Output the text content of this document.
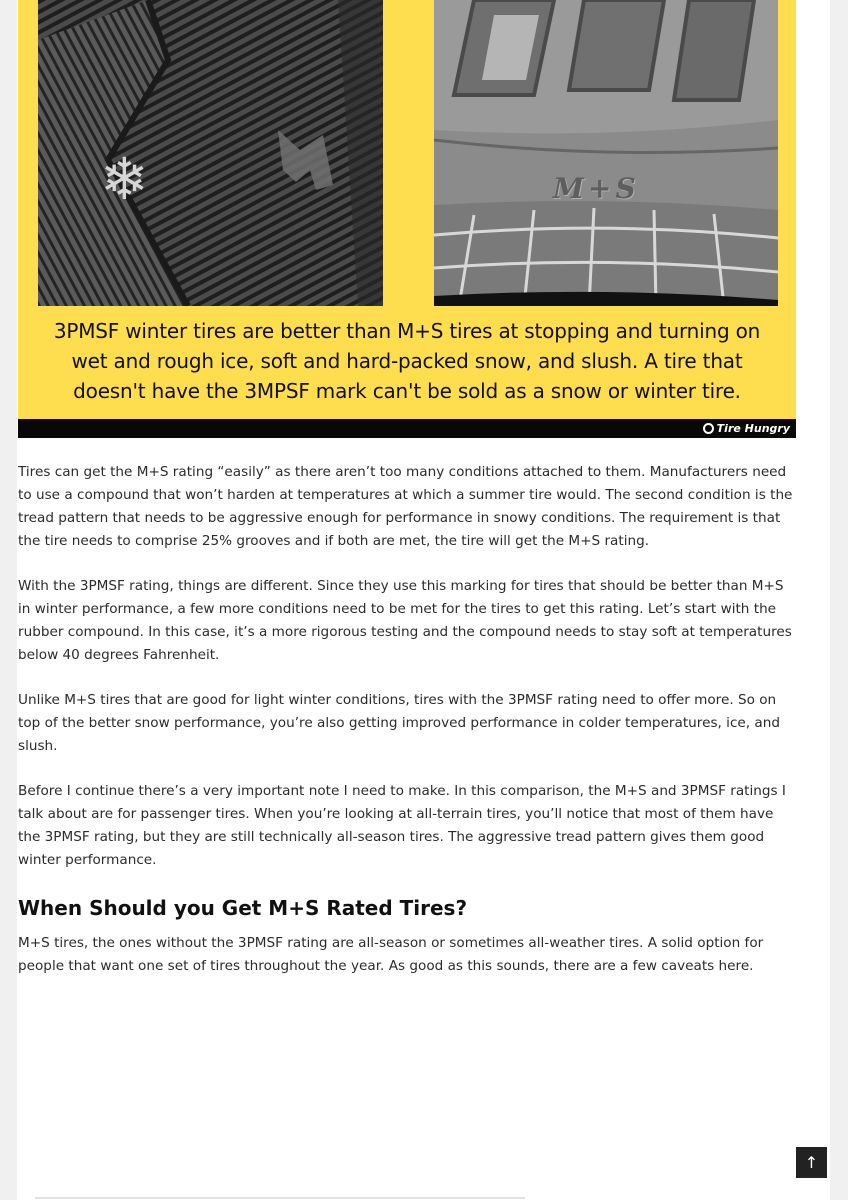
❄	M+S
3PMSF winter tires are better than M+S tires at stopping and turning on
wet and rough ice, soft and hard-packed snow, and slush. A tire that
doesn't have the 3MPSF mark can't be sold as a snow or winter tire.
Tire Hungry

Tires can get the M+S rating “easily” as there aren’t too many conditions attached to them. Manufacturers need to use a compound that won’t harden at temperatures at which a summer tire would. The second condition is the tread pattern that needs to be aggressive enough for performance in snowy conditions. The requirement is that the tire needs to comprise 25% grooves and if both are met, the tire will get the M+S rating.

With the 3PMSF rating, things are different. Since they use this marking for tires that should be better than M+S in winter performance, a few more conditions need to be met for the tires to get this rating. Let’s start with the rubber compound. In this case, it’s a more rigorous testing and the compound needs to stay soft at temperatures below 40 degrees Fahrenheit.

Unlike M+S tires that are good for light winter conditions, tires with the 3PMSF rating need to offer more. So on top of the better snow performance, you’re also getting improved performance in colder temperatures, ice, and slush.

Before I continue there’s a very important note I need to make. In this comparison, the M+S and 3PMSF ratings I talk about are for passenger tires. When you’re looking at all-terrain tires, you’ll notice that most of them have the 3PMSF rating, but they are still technically all-season tires. The aggressive tread pattern gives them good winter performance.

When Should you Get M+S Rated Tires?

M+S tires, the ones without the 3PMSF rating are all-season or sometimes all-weather tires. A solid option for people that want one set of tires throughout the year. As good as this sounds, there are a few caveats here.

↑
